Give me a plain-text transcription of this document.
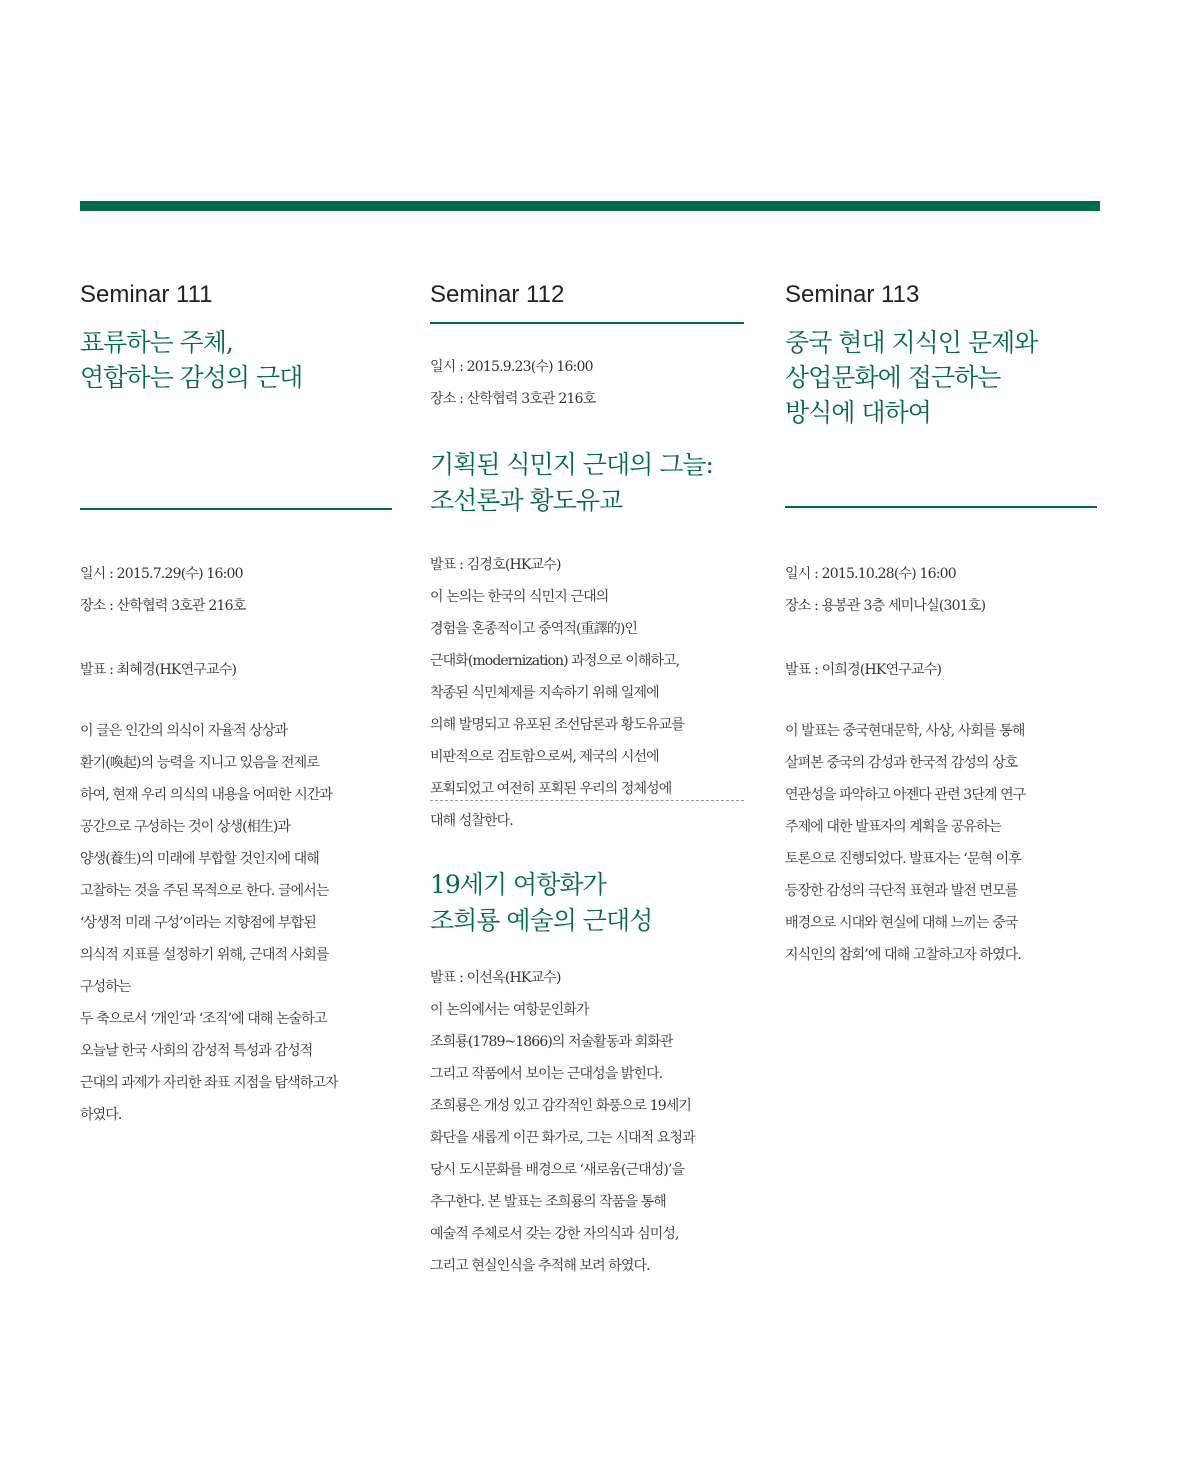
Seminar 111
표류하는 주체,
연합하는 감성의 근대
일시 : 2015.7.29(수) 16:00
장소 : 산학협력 3호관 216호
발표 : 최혜경(HK연구교수)
이 글은 인간의 의식이 자율적 상상과
환기(喚起)의 능력을 지니고 있음을 전제로
하여, 현재 우리 의식의 내용을 어떠한 시간과
공간으로 구성하는 것이 상생(相生)과
양생(養生)의 미래에 부합할 것인지에 대해
고찰하는 것을 주된 목적으로 한다. 글에서는
‘상생적 미래 구성’이라는 지향점에 부합된
의식적 지표를 설정하기 위해, 근대적 사회를
구성하는
두 축으로서 ‘개인’과 ‘조직’에 대해 논술하고
오늘날 한국 사회의 감성적 특성과 감성적
근대의 과제가 자리한 좌표 지점을 탐색하고자
하였다.
Seminar 112
일시 : 2015.9.23(수) 16:00
장소 : 산학협력 3호관 216호
기획된 식민지 근대의 그늘:
조선론과 황도유교
발표 : 김경호(HK교수)
이 논의는 한국의 식민지 근대의
경험을 혼종적이고 중역적(重譯的)인
근대화(modernization) 과정으로 이해하고,
착종된 식민체제를 지속하기 위해 일제에
의해 발명되고 유포된 조선담론과 황도유교를
비판적으로 검토함으로써, 제국의 시선에
포획되었고 여전히 포획된 우리의 정체성에
대해 성찰한다.
19세기 여항화가
조희룡 예술의 근대성
발표 : 이선옥(HK교수)
이 논의에서는 여항문인화가
조희룡(1789~1866)의 저술활동과 회화관
그리고 작품에서 보이는 근대성을 밝힌다.
조희룡은 개성 있고 감각적인 화풍으로 19세기
화단을 새롭게 이끈 화가로, 그는 시대적 요청과
당시 도시문화를 배경으로 ‘새로움(근대성)’을
추구한다. 본 발표는 조희룡의 작품을 통해
예술적 주체로서 갖는 강한 자의식과 심미성,
그리고 현실인식을 추적해 보려 하였다.
Seminar 113
중국 현대 지식인 문제와
상업문화에 접근하는
방식에 대하여
일시 : 2015.10.28(수) 16:00
장소 : 용봉관 3층 세미나실(301호)
발표 : 이희경(HK연구교수)
이 발표는 중국현대문학, 사상, 사회를 통해
살펴본 중국의 감성과 한국적 감성의 상호
연관성을 파악하고 아젠다 관련 3단계 연구
주제에 대한 발표자의 계획을 공유하는
토론으로 진행되었다. 발표자는 ‘문혁 이후
등장한 감성의 극단적 표현과 발전 면모를
배경으로 시대와 현실에 대해 느끼는 중국
지식인의 참회’에 대해 고찰하고자 하였다.
